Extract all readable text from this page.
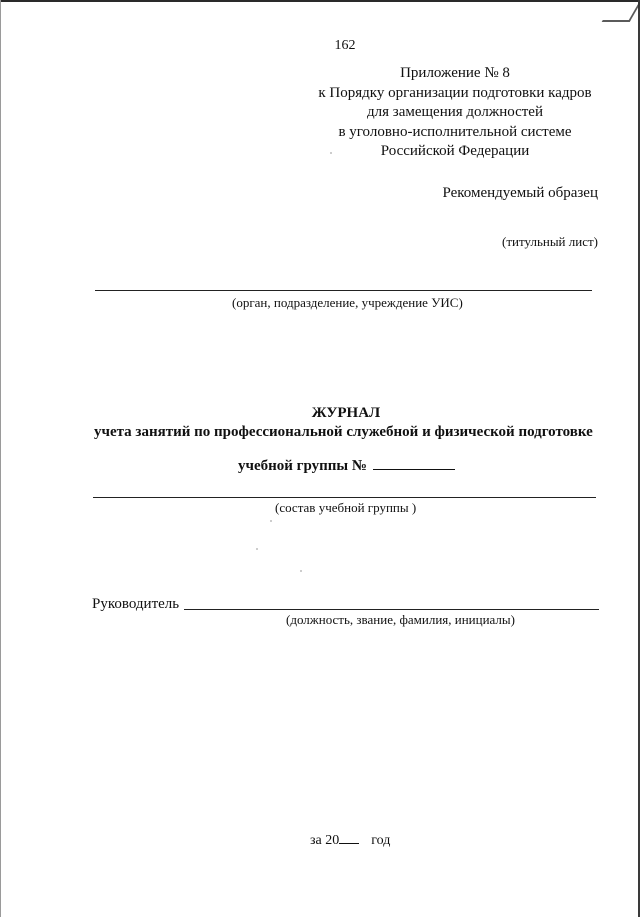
162
Приложение № 8
к Порядку организации подготовки кадров
для замещения должностей
в уголовно-исполнительной системе
Российской Федерации
Рекомендуемый образец
(титульный лист)
(орган, подразделение, учреждение УИС)
ЖУРНАЛ
учета занятий по профессиональной служебной и физической подготовке
учебной группы №
(состав учебной группы )
Руководитель
(должность, звание, фамилия, инициалы)
за 20 год
